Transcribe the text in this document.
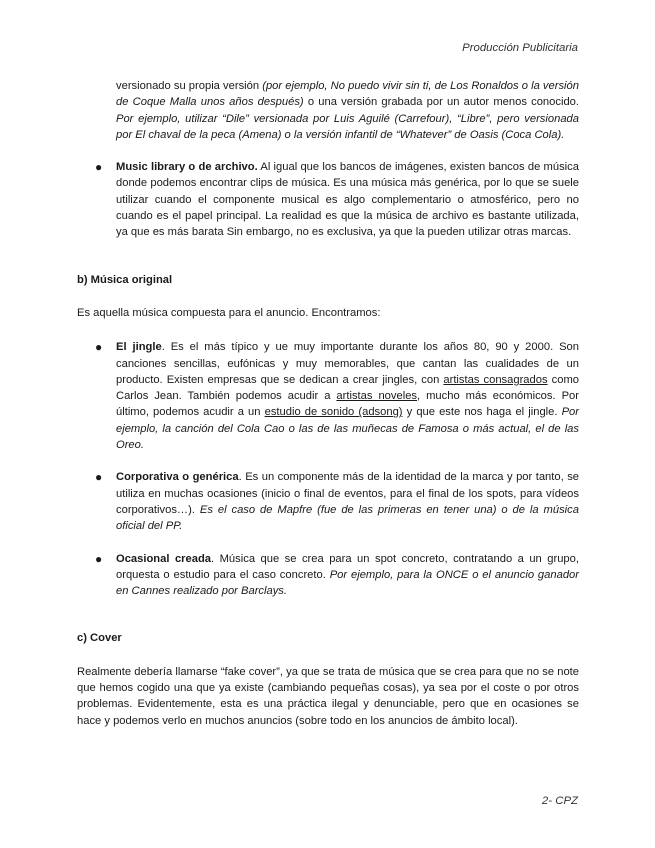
Producción Publicitaria

versionado su propia versión (por ejemplo, No puedo vivir sin ti, de Los Ronaldos o la versión de Coque Malla unos años después) o una versión grabada por un autor menos conocido. Por ejemplo, utilizar “Dile” versionada por Luis Aguilé (Carrefour), “Libre”, pero versionada por El chaval de la peca (Amena) o la versión infantil de “Whatever” de Oasis (Coca Cola).

● Music library o de archivo. Al igual que los bancos de imágenes, existen bancos de música donde podemos encontrar clips de música. Es una música más genérica, por lo que se suele utilizar cuando el componente musical es algo complementario o atmosférico, pero no cuando es el papel principal. La realidad es que la música de archivo es bastante utilizada, ya que es más barata Sin embargo, no es exclusiva, ya que la pueden utilizar otras marcas.

b) Música original

Es aquella música compuesta para el anuncio. Encontramos:

● El jingle. Es el más típico y ue muy importante durante los años 80, 90 y 2000. Son canciones sencillas, eufónicas y muy memorables, que cantan las cualidades de un producto. Existen empresas que se dedican a crear jingles, con artistas consagrados como Carlos Jean. También podemos acudir a artistas noveles, mucho más económicos. Por último, podemos acudir a un estudio de sonido (adsong) y que este nos haga el jingle. Por ejemplo, la canción del Cola Cao o las de las muñecas de Famosa o más actual, el de las Oreo.
● Corporativa o genérica. Es un componente más de la identidad de la marca y por tanto, se utiliza en muchas ocasiones (inicio o final de eventos, para el final de los spots, para vídeos corporativos…). Es el caso de Mapfre (fue de las primeras en tener una) o de la música oficial del PP.
● Ocasional creada. Música que se crea para un spot concreto, contratando a un grupo, orquesta o estudio para el caso concreto. Por ejemplo, para la ONCE o el anuncio ganador en Cannes realizado por Barclays.

c) Cover

Realmente debería llamarse “fake cover”, ya que se trata de música que se crea para que no se note que hemos cogido una que ya existe (cambiando pequeñas cosas), ya sea por el coste o por otros problemas. Evidentemente, esta es una práctica ilegal y denunciable, pero que en ocasiones se hace y podemos verlo en muchos anuncios (sobre todo en los anuncios de ámbito local).

2- CPZ
